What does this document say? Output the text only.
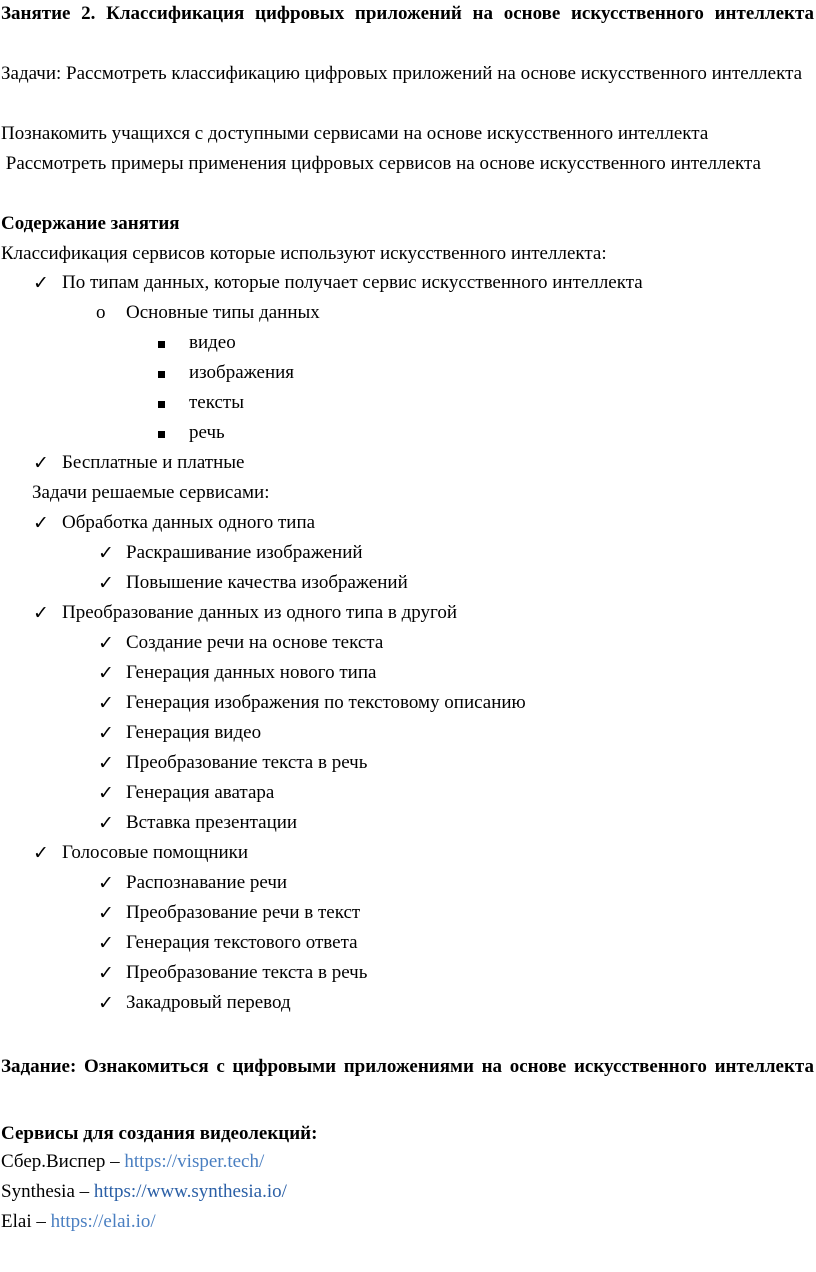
Занятие 2. Классификация цифровых приложений на основе искусственного интеллекта
Задачи: Рассмотреть классификацию цифровых приложений на основе искусственного интеллекта
Познакомить учащихся с доступными сервисами на основе искусственного интеллекта
Рассмотреть примеры применения цифровых сервисов на основе искусственного интеллекта
Содержание занятия
Классификация сервисов которые используют искусственного интеллекта:
✓ По типам данных, которые получает сервис искусственного интеллекта
o Основные типы данных
видео
изображения
тексты
речь
✓ Бесплатные и платные
Задачи решаемые сервисами:
✓ Обработка данных одного типа
✓ Раскрашивание изображений
✓ Повышение качества изображений
✓ Преобразование данных из одного типа в другой
✓ Создание речи на основе текста
✓ Генерация данных нового типа
✓ Генерация изображения по текстовому описанию
✓ Генерация видео
✓ Преобразование текста в речь
✓ Генерация аватара
✓ Вставка презентации
✓ Голосовые помощники
✓ Распознавание речи
✓ Преобразование речи в текст
✓ Генерация текстового ответа
✓ Преобразование текста в речь
✓ Закадровый перевод
Задание: Ознакомиться с цифровыми приложениями на основе искусственного интеллекта
Сервисы для создания видеолекций:
Сбер.Виспер – https://visper.tech/
Synthesia – https://www.synthesia.io/
Elai – https://elai.io/
